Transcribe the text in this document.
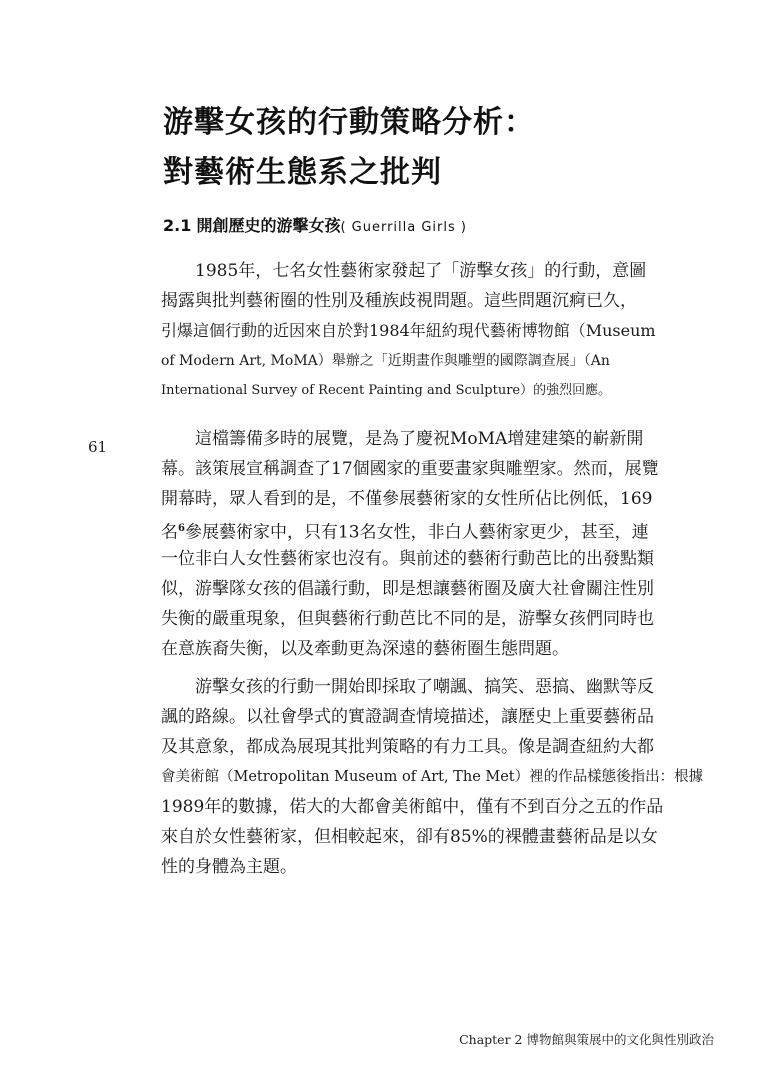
游擊女孩的行動策略分析：
對藝術生態系之批判
2.1 開創歷史的游擊女孩( Guerrilla Girls )
61
　　1985年，七名女性藝術家發起了「游擊女孩」的行動，意圖
揭露與批判藝術圈的性別及種族歧視問題。這些問題沉痾已久，
引爆這個行動的近因來自於對1984年紐約現代藝術博物館（Museum
of Modern Art, MoMA）舉辦之「近期畫作與雕塑的國際調查展」（An
International Survey of Recent Painting and Sculpture）的強烈回應。
　　這檔籌備多時的展覽，是為了慶祝MoMA增建建築的嶄新開
幕。該策展宣稱調查了17個國家的重要畫家與雕塑家。然而，展覽
開幕時，眾人看到的是，不僅參展藝術家的女性所佔比例低，169
名$^6$參展藝術家中，只有13名女性，非白人藝術家更少，甚至，連
一位非白人女性藝術家也沒有。與前述的藝術行動芭比的出發點類
似，游擊隊女孩的倡議行動，即是想讓藝術圈及廣大社會關注性別
失衡的嚴重現象，但與藝術行動芭比不同的是，游擊女孩們同時也
在意族裔失衡，以及牽動更為深遠的藝術圈生態問題。
　　游擊女孩的行動一開始即採取了嘲諷、搞笑、惡搞、幽默等反
諷的路線。以社會學式的實證調查情境描述，讓歷史上重要藝術品
及其意象，都成為展現其批判策略的有力工具。像是調查紐約大都
會美術館（Metropolitan Museum of Art, The Met）裡的作品樣態後指出：根據
1989年的數據，偌大的大都會美術館中，僅有不到百分之五的作品
來自於女性藝術家，但相較起來，卻有85%的裸體畫藝術品是以女
性的身體為主題。
Chapter 2 博物館與策展中的文化與性別政治
